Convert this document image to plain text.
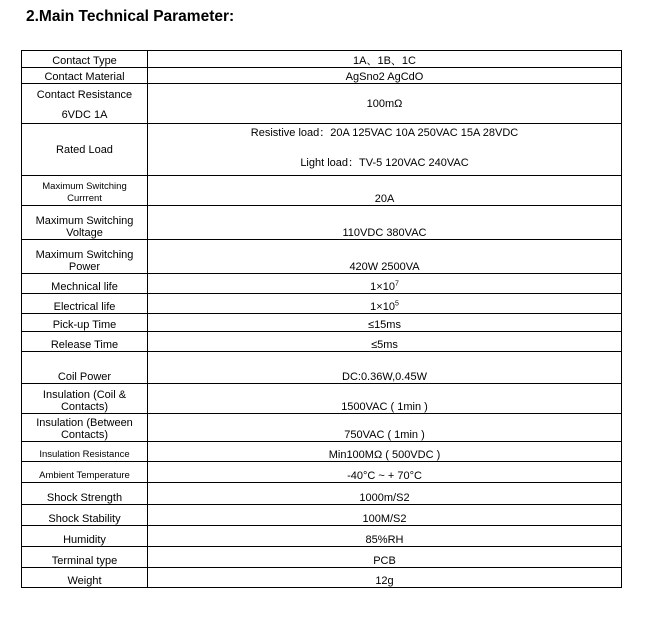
2.Main Technical Parameter:
Contact Type	1A、1B、1C
Contact Material	AgSno2 AgCdO

Contact Resistance
6VDC 1A	100mΩ
Rated Load	Resistive load：20A 125VAC 10A 250VAC 15A 28VDC
Light load：TV-5 120VAC 240VAC

Maximum Switching Currrent	20A
Maximum Switching Voltage	110VDC 380VAC
Maximum Switching Power	420W 2500VA
Mechnical life	$1\times 10^7$
Electrical life	$1\times 10^5$
Pick-up Time	≤15ms
Release Time	≤5ms
Coil Power	DC:0.36W,0.45W
Insulation (Coil & Contacts)	1500VAC ( 1min )
Insulation (Between Contacts)	750VAC ( 1min )
Insulation Resistance	Min100MΩ ( 500VDC )
Ambient Temperature	-40°C ~ + 70°C
Shock Strength	1000m/S2
Shock Stability	100M/S2
Humidity	85%RH
Terminal type	PCB
Weight	12g
